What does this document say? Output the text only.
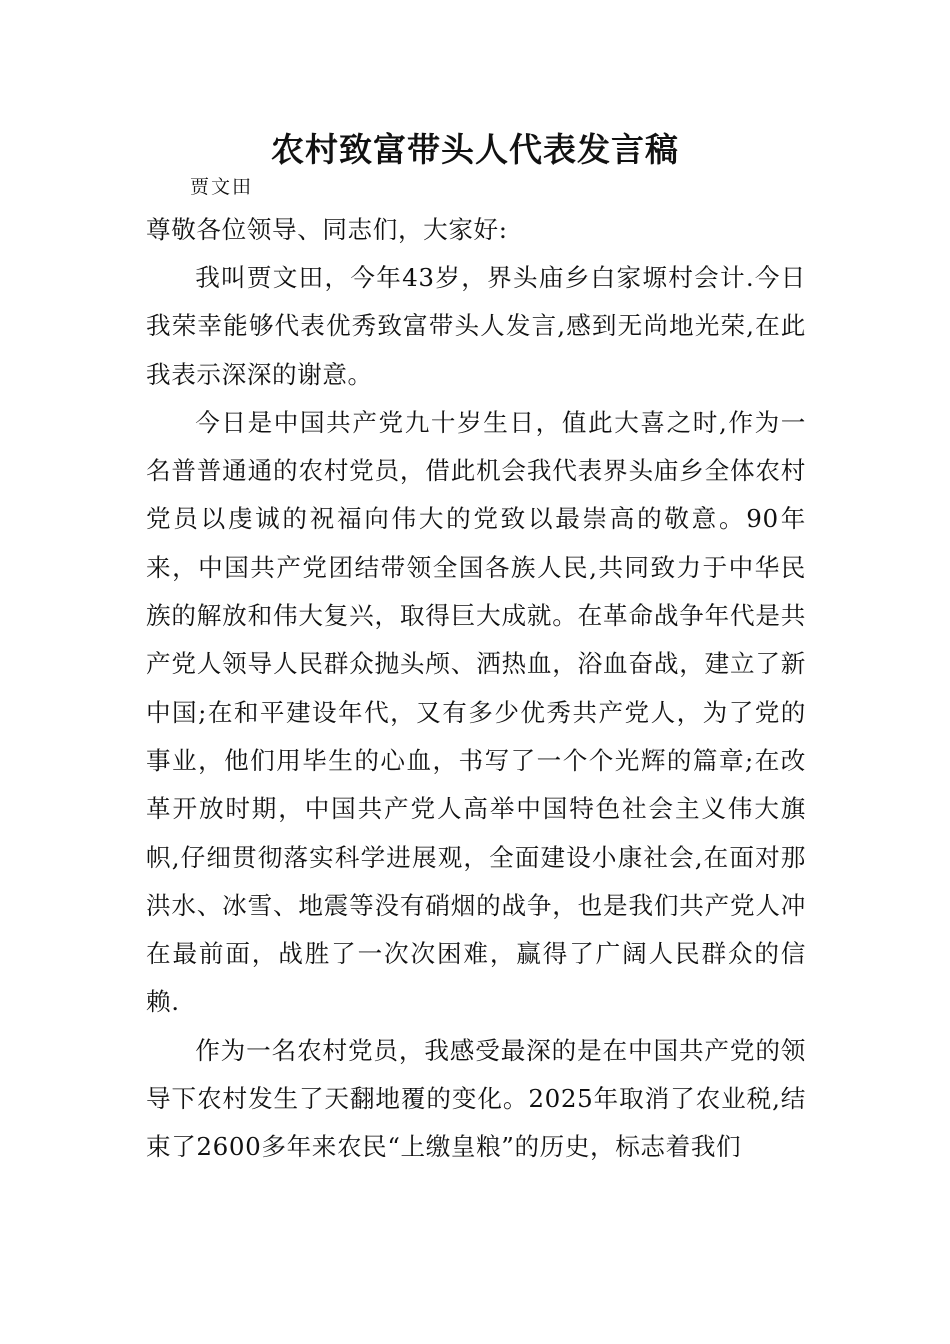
农村致富带头人代表发言稿
贾文田
尊敬各位领导、同志们，大家好:

我叫贾文田，今年43岁，界头庙乡白家塬村会计.今日我荣幸能够代表优秀致富带头人发言,感到无尚地光荣,在此我表示深深的谢意。

今日是中国共产党九十岁生日，值此大喜之时,作为一名普普通通的农村党员，借此机会我代表界头庙乡全体农村党员以虔诚的祝福向伟大的党致以最崇高的敬意。90年来，中国共产党团结带领全国各族人民,共同致力于中华民族的解放和伟大复兴，取得巨大成就。在革命战争年代是共产党人领导人民群众抛头颅、洒热血，浴血奋战，建立了新中国;在和平建设年代，又有多少优秀共产党人，为了党的事业，他们用毕生的心血，书写了一个个光辉的篇章;在改革开放时期，中国共产党人高举中国特色社会主义伟大旗帜,仔细贯彻落实科学进展观，全面建设小康社会,在面对那洪水、冰雪、地震等没有硝烟的战争，也是我们共产党人冲在最前面，战胜了一次次困难，赢得了广阔人民群众的信赖.

作为一名农村党员，我感受最深的是在中国共产党的领导下农村发生了天翻地覆的变化。2025年取消了农业税,结束了2600多年来农民“上缴皇粮”的历史，标志着我们
